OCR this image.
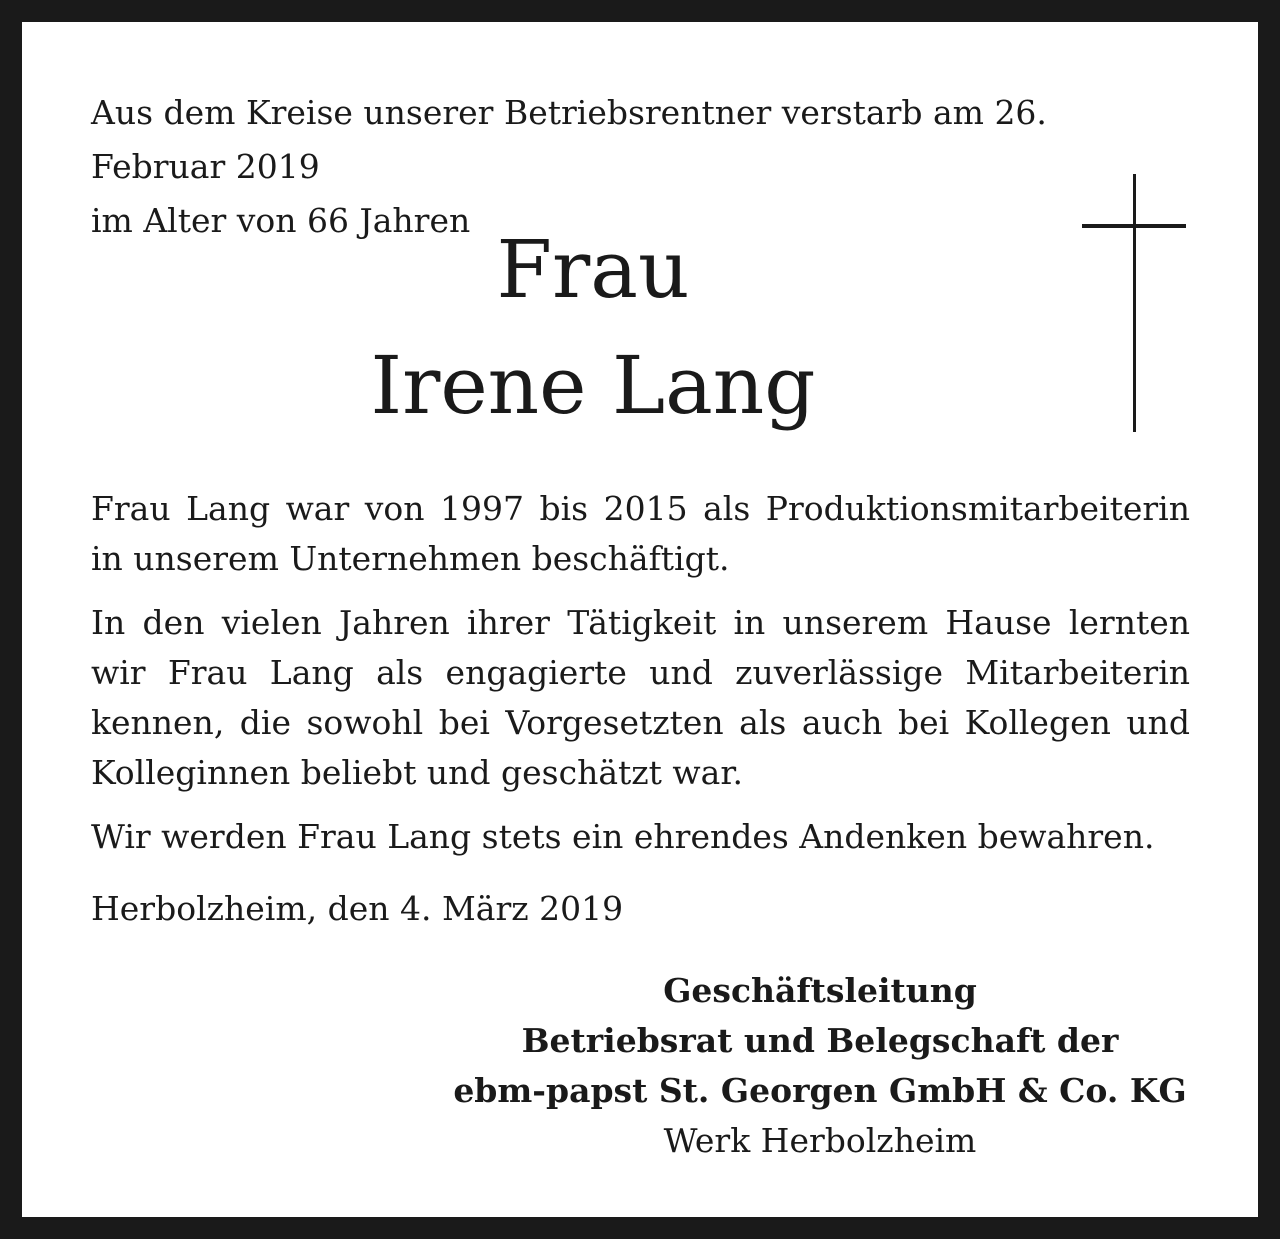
Aus dem Kreise unserer Betriebsrentner verstarb am 26. Februar 2019
im Alter von 66 Jahren

Frau
Irene Lang

Frau Lang war von 1997 bis 2015 als Produktionsmitarbeiterin in unserem Unternehmen beschäftigt.

In den vielen Jahren ihrer Tätigkeit in unserem Hause lernten wir Frau Lang als engagierte und zuverlässige Mitarbeiterin kennen, die sowohl bei Vorgesetzten als auch bei Kollegen und Kolleginnen beliebt und geschätzt war.

Wir werden Frau Lang stets ein ehrendes Andenken bewahren.

Herbolzheim, den 4. März 2019

Geschäftsleitung
Betriebsrat und Belegschaft der
ebm-papst St. Georgen GmbH & Co. KG
Werk Herbolzheim
